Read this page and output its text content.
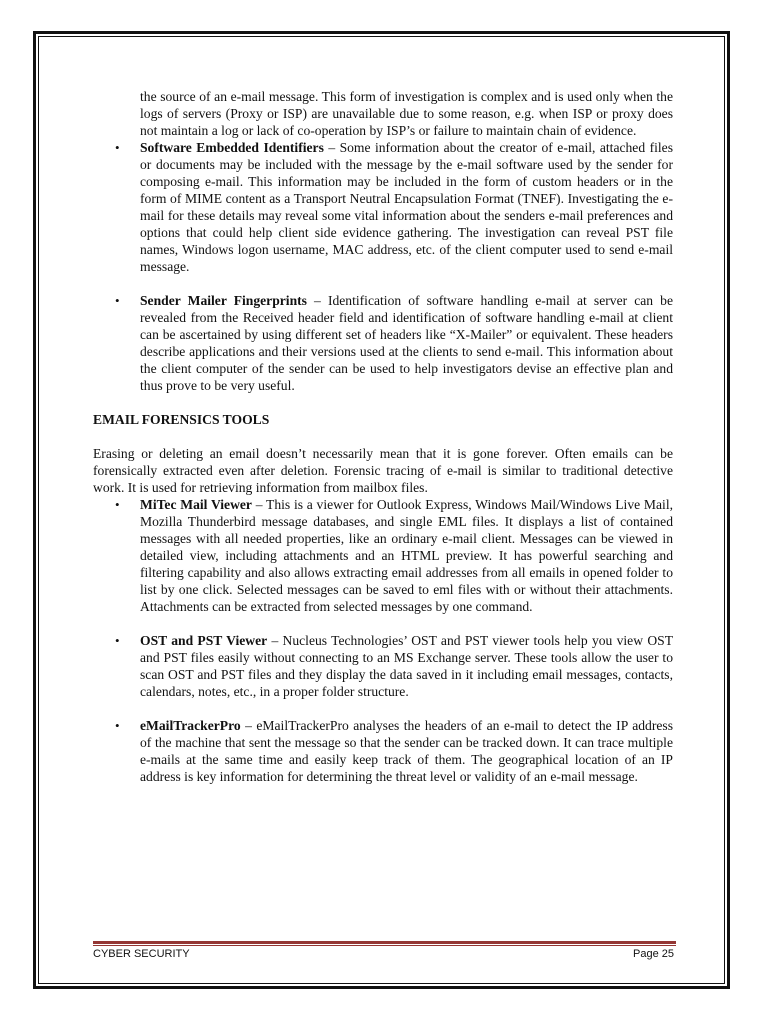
the source of an e-mail message. This form of investigation is complex and is used only when the logs of servers (Proxy or ISP) are unavailable due to some reason, e.g. when ISP or proxy does not maintain a log or lack of co-operation by ISP’s or failure to maintain chain of evidence.

• Software Embedded Identifiers – Some information about the creator of e-mail, attached files or documents may be included with the message by the e-mail software used by the sender for composing e-mail. This information may be included in the form of custom headers or in the form of MIME content as a Transport Neutral Encapsulation Format (TNEF). Investigating the e-mail for these details may reveal some vital information about the senders e-mail preferences and options that could help client side evidence gathering. The investigation can reveal PST file names, Windows logon username, MAC address, etc. of the client computer used to send e-mail message.
• Sender Mailer Fingerprints – Identification of software handling e-mail at server can be revealed from the Received header field and identification of software handling e-mail at client can be ascertained by using different set of headers like “X-Mailer” or equivalent. These headers describe applications and their versions used at the clients to send e-mail. This information about the client computer of the sender can be used to help investigators devise an effective plan and thus prove to be very useful.
EMAIL FORENSICS TOOLS

Erasing or deleting an email doesn’t necessarily mean that it is gone forever. Often emails can be forensically extracted even after deletion. Forensic tracing of e-mail is similar to traditional detective work. It is used for retrieving information from mailbox files.

• MiTec Mail Viewer – This is a viewer for Outlook Express, Windows Mail/Windows Live Mail, Mozilla Thunderbird message databases, and single EML files. It displays a list of contained messages with all needed properties, like an ordinary e-mail client. Messages can be viewed in detailed view, including attachments and an HTML preview. It has powerful searching and filtering capability and also allows extracting email addresses from all emails in opened folder to list by one click. Selected messages can be saved to eml files with or without their attachments. Attachments can be extracted from selected messages by one command.
• OST and PST Viewer – Nucleus Technologies’ OST and PST viewer tools help you view OST and PST files easily without connecting to an MS Exchange server. These tools allow the user to scan OST and PST files and they display the data saved in it including email messages, contacts, calendars, notes, etc., in a proper folder structure.
• eMailTrackerPro – eMailTrackerPro analyses the headers of an e-mail to detect the IP address of the machine that sent the message so that the sender can be tracked down. It can trace multiple e-mails at the same time and easily keep track of them. The geographical location of an IP address is key information for determining the threat level or validity of an e-mail message.
CYBER SECURITY	Page 25
